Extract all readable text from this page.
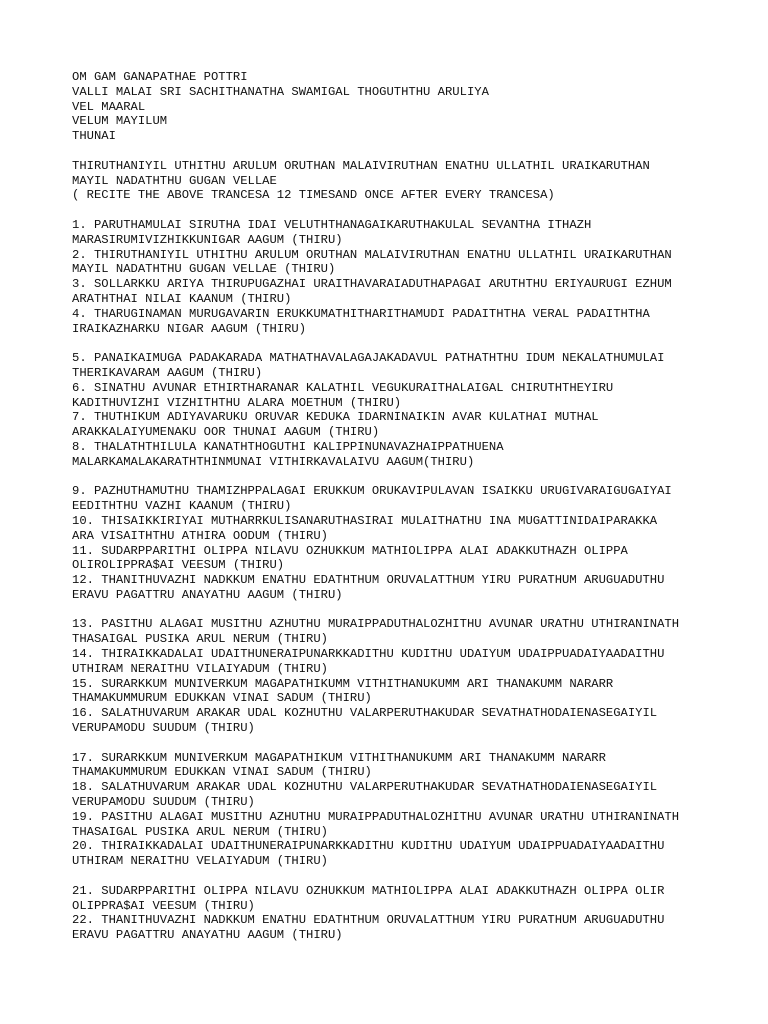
OM GAM GANAPATHAE POTTRI
VALLI MALAI SRI SACHITHANATHA SWAMIGAL THOGUTHTHU ARULIYA
VEL MAARAL
VELUM MAYILUM
THUNAI
THIRUTHANIYIL UTHITHU ARULUM ORUTHAN MALAIVIRUTHAN ENATHU ULLATHIL URAIKARUTHAN
MAYIL NADATHTHU GUGAN VELLAE
( RECITE THE ABOVE TRANCESA 12 TIMESAND ONCE AFTER EVERY TRANCESA)
1. PARUTHAMULAI SIRUTHA IDAI VELUTHTHANAGAIKARUTHAKULAL SEVANTHA ITHAZH
MARASIRUMIVIZHIKKUNIGAR AAGUM (THIRU)
2. THIRUTHANIYIL UTHITHU ARULUM ORUTHAN MALAIVIRUTHAN ENATHU ULLATHIL URAIKARUTHAN
MAYIL NADATHTHU GUGAN VELLAE (THIRU)
3. SOLLARKKU ARIYA THIRUPUGAZHAI URAITHAVARAIADUTHAPAGAI ARUTHTHU ERIYAURUGI EZHUM
ARATHTHAI NILAI KAANUM (THIRU)
4. THARUGINAMAN MURUGAVARIN ERUKKUMATHITHARITHAMUDI PADAITHTHA VERAL PADAITHTHA
IRAIKAZHARKU NIGAR AAGUM (THIRU)
5. PANAIKAIMUGA PADAKARADA MATHATHAVALAGAJAKADAVUL PATHATHTHU IDUM NEKALATHUMULAI
THERIKAVARAM AAGUM (THIRU)
6. SINATHU AVUNAR ETHIRTHARANAR KALATHIL VEGUKURAITHALAIGAL CHIRUTHTHEYIRU
KADITHUVIZHI VIZHITHTHU ALARA MOETHUM (THIRU)
7. THUTHIKUM ADIYAVARUKU ORUVAR KEDUKA IDARNINAIKIN AVAR KULATHAI MUTHAL
ARAKKALAIYUMENAKU OOR THUNAI AAGUM (THIRU)
8. THALATHTHILULA KANATHTHOGUTHI KALIPPINUNAVAZHAIPPATHUENA
MALARKAMALAKARATHTHINMUNAI VITHIRKAVALAIVU AAGUM(THIRU)
9. PAZHUTHAMUTHU THAMIZHPPALAGAI ERUKKUM ORUKAVIPULAVAN ISAIKKU URUGIVARAIGUGAIYAI
EEDITHTHU VAZHI KAANUM (THIRU)
10. THISAIKKIRIYAI MUTHARRKULISANARUTHASIRAI MULAITHATHU INA MUGATTINIDAIPARAKKA
ARA VISAITHTHU ATHIRA OODUM (THIRU)
11. SUDARPPARITHI OLIPPA NILAVU OZHUKKUM MATHIOLIPPA ALAI ADAKKUTHAZH OLIPPA
OLIROLIPPRA$AI VEESUM (THIRU)
12. THANITHUVAZHI NADKKUM ENATHU EDATHTHUM ORUVALATTHUM YIRU PURATHUM ARUGUADUTHU
ERAVU PAGATTRU ANAYATHU AAGUM (THIRU)
13. PASITHU ALAGAI MUSITHU AZHUTHU MURAIPPADUTHALOZHITHU AVUNAR URATHU UTHIRANINATH
THASAIGAL PUSIKA ARUL NERUM (THIRU)
14. THIRAIKKADALAI UDAITHUNERAIPUNARKKADITHU KUDITHU UDAIYUM UDAIPPUADAIYAADAITHU
UTHIRAM NERAITHU VILAIYADUM (THIRU)
15. SURARKKUM MUNIVERKUM MAGAPATHIKUMM VITHITHANUKUMM ARI THANAKUMM NARARR
THAMAKUMMURUM EDUKKAN VINAI SADUM (THIRU)
16. SALATHUVARUM ARAKAR UDAL KOZHUTHU VALARPERUTHAKUDAR SEVATHATHODAIENASEGAIYIL
VERUPAMODU SUUDUM (THIRU)
17. SURARKKUM MUNIVERKUM MAGAPATHIKUM VITHITHANUKUMM ARI THANAKUMM NARARR
THAMAKUMMURUM EDUKKAN VINAI SADUM (THIRU)
18. SALATHUVARUM ARAKAR UDAL KOZHUTHU VALARPERUTHAKUDAR SEVATHATHODAIENASEGAIYIL
VERUPAMODU SUUDUM (THIRU)
19. PASITHU ALAGAI MUSITHU AZHUTHU MURAIPPADUTHALOZHITHU AVUNAR URATHU UTHIRANINATH
THASAIGAL PUSIKA ARUL NERUM (THIRU)
20. THIRAIKKADALAI UDAITHUNERAIPUNARKKADITHU KUDITHU UDAIYUM UDAIPPUADAIYAADAITHU
UTHIRAM NERAITHU VELAIYADUM (THIRU)
21. SUDARPPARITHI OLIPPA NILAVU OZHUKKUM MATHIOLIPPA ALAI ADAKKUTHAZH OLIPPA OLIR
OLIPPRA$AI VEESUM (THIRU)
22. THANITHUVAZHI NADKKUM ENATHU EDATHTHUM ORUVALATTHUM YIRU PURATHUM ARUGUADUTHU
ERAVU PAGATTRU ANAYATHU AAGUM (THIRU)
